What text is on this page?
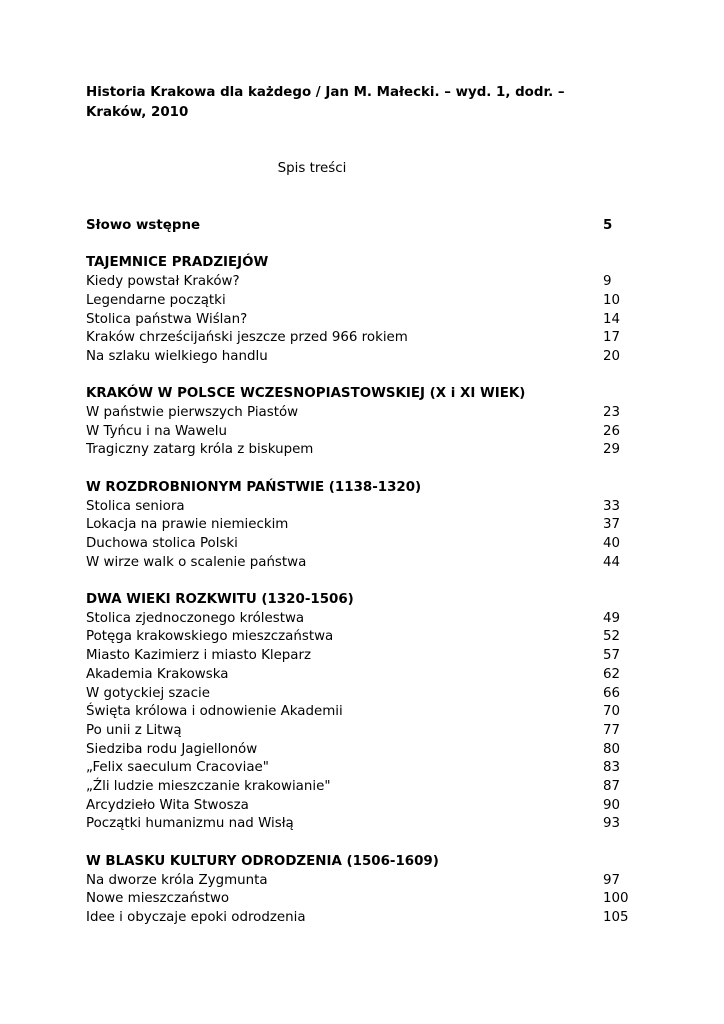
Historia Krakowa dla każdego / Jan M. Małecki. – wyd. 1, dodr. –
Kraków, 2010
Spis treści
Słowo wstępne	5
TAJEMNICE PRADZIEJÓW
Kiedy powstał Kraków?	9
Legendarne początki	10
Stolica państwa Wiślan?	14
Kraków chrześcijański jeszcze przed 966 rokiem	17
Na szlaku wielkiego handlu	20
KRAKÓW W POLSCE WCZESNOPIASTOWSKIEJ (X i XI WIEK)
W państwie pierwszych Piastów	23
W Tyńcu i na Wawelu	26
Tragiczny zatarg króla z biskupem	29
W ROZDROBNIONYM PAŃSTWIE (1138-1320)
Stolica seniora	33
Lokacja na prawie niemieckim	37
Duchowa stolica Polski	40
W wirze walk o scalenie państwa	44
DWA WIEKI ROZKWITU (1320-1506)
Stolica zjednoczonego królestwa	49
Potęga krakowskiego mieszczaństwa	52
Miasto Kazimierz i miasto Kleparz	57
Akademia Krakowska	62
W gotyckiej szacie	66
Święta królowa i odnowienie Akademii	70
Po unii z Litwą	77
Siedziba rodu Jagiellonów	80
„Felix saeculum Cracoviae"	83
„Źli ludzie mieszczanie krakowianie"	87
Arcydzieło Wita Stwosza	90
Początki humanizmu nad Wisłą	93
W BLASKU KULTURY ODRODZENIA (1506-1609)
Na dworze króla Zygmunta	97
Nowe mieszczaństwo	100
Idee i obyczaje epoki odrodzenia	105
